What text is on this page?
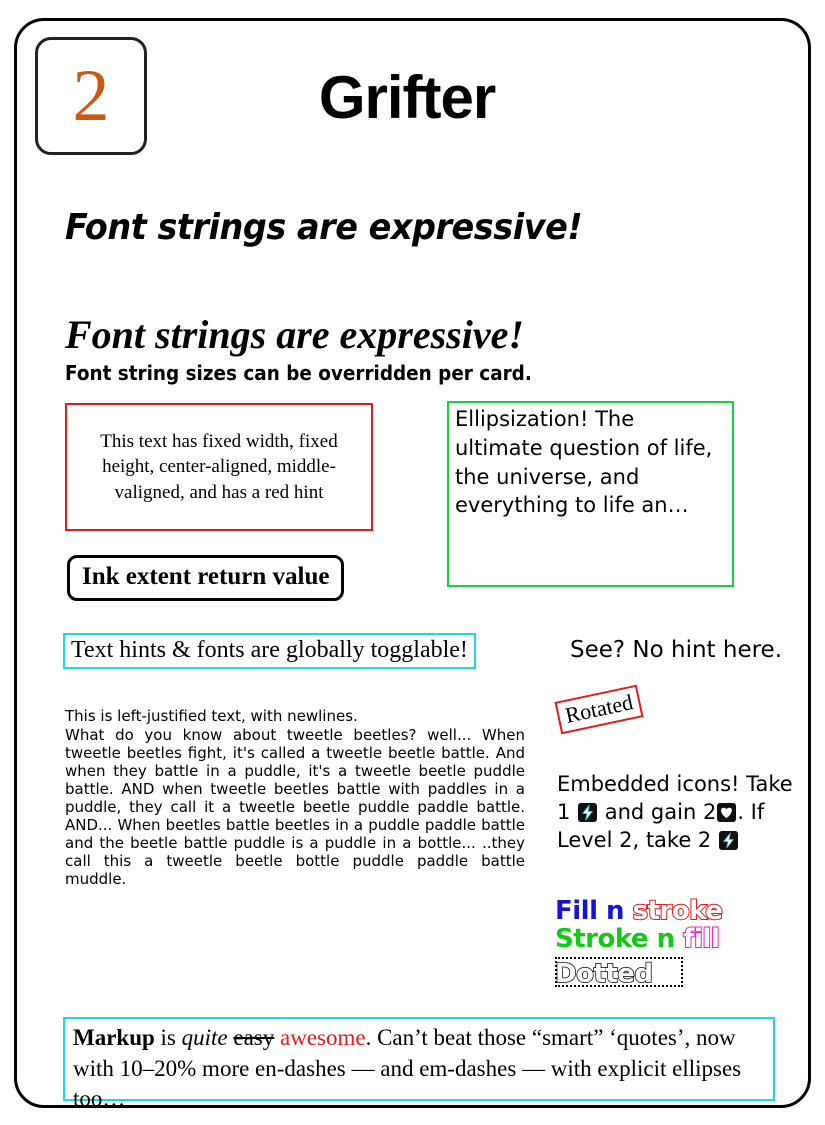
2	Grifter
Font strings are expressive!
Font strings are expressive!
Font string sizes can be overridden per card.

This text has fixed width, fixed height, center-aligned, middle-valigned, and has a red hint

Ellipsization! The ultimate question of life, the universe, and everything to life an…

Ink extent return value
Text hints & fonts are globally togglable!	See? No hint here.

This is left-justified text, with newlines.

What do you know about tweetle beetles? well... When tweetle beetles fight, it's called a tweetle beetle battle. And when they battle in a puddle, it's a tweetle beetle puddle battle. AND when tweetle beetles battle with paddles in a puddle, they call it a tweetle beetle puddle paddle battle. AND... When beetles battle beetles in a puddle paddle battle and the beetle battle puddle is a puddle in a bottle... ..they call this a tweetle beetle bottle puddle paddle battle muddle.

Rotated
Embedded icons! Take
1 and gain 2 . If
Level 2, take 2
Fill n stroke
Stroke n fill
Dotted

Markup is quite easy awesome. Can’t beat those “smart” ‘quotes’, now with 10–20% more en-dashes — and em-dashes — with explicit ellipses too…
